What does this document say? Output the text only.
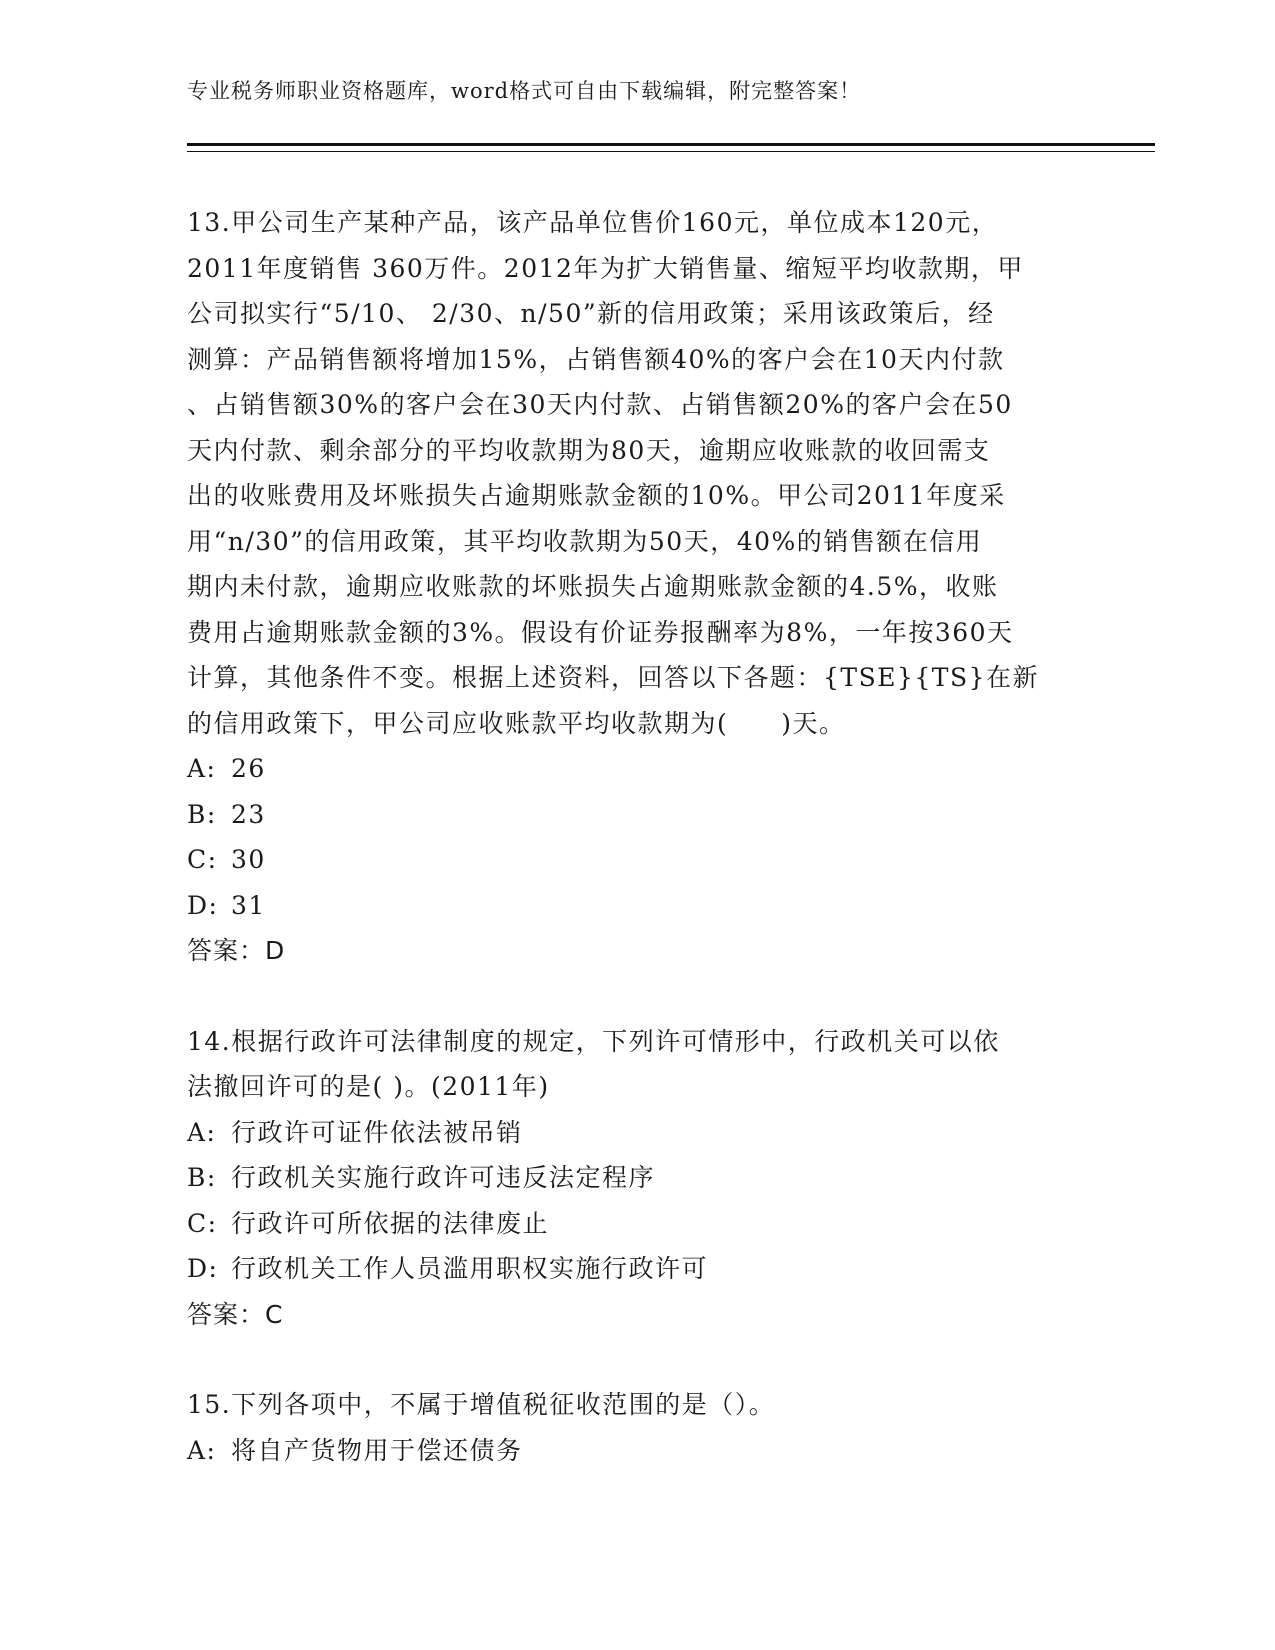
专业税务师职业资格题库，word格式可自由下载编辑，附完整答案！

13.甲公司生产某种产品，该产品单位售价160元，单位成本120元，
2011年度销售 360万件。2012年为扩大销售量、缩短平均收款期，甲
公司拟实行“5/10、 2/30、n/50”新的信用政策；采用该政策后，经
测算：产品销售额将增加15%，占销售额40%的客户会在10天内付款
、占销售额30%的客户会在30天内付款、占销售额20%的客户会在50
天内付款、剩余部分的平均收款期为80天，逾期应收账款的收回需支
出的收账费用及坏账损失占逾期账款金额的10%。甲公司2011年度采
用“n/30”的信用政策，其平均收款期为50天，40%的销售额在信用
期内未付款，逾期应收账款的坏账损失占逾期账款金额的4.5%，收账
费用占逾期账款金额的3%。假设有价证券报酬率为8%，一年按360天
计算，其他条件不变。根据上述资料，回答以下各题：{TSE}{TS}在新
的信用政策下，甲公司应收账款平均收款期为(　　)天。

A: 26
B: 23
C: 30
D: 31
答案：D

14.根据行政许可法律制度的规定，下列许可情形中，行政机关可以依
法撤回许可的是( )。(2011年)

A: 行政许可证件依法被吊销
B: 行政机关实施行政许可违反法定程序
C: 行政许可所依据的法律废止
D: 行政机关工作人员滥用职权实施行政许可
答案：C

15.下列各项中，不属于增值税征收范围的是（）。

A: 将自产货物用于偿还债务
